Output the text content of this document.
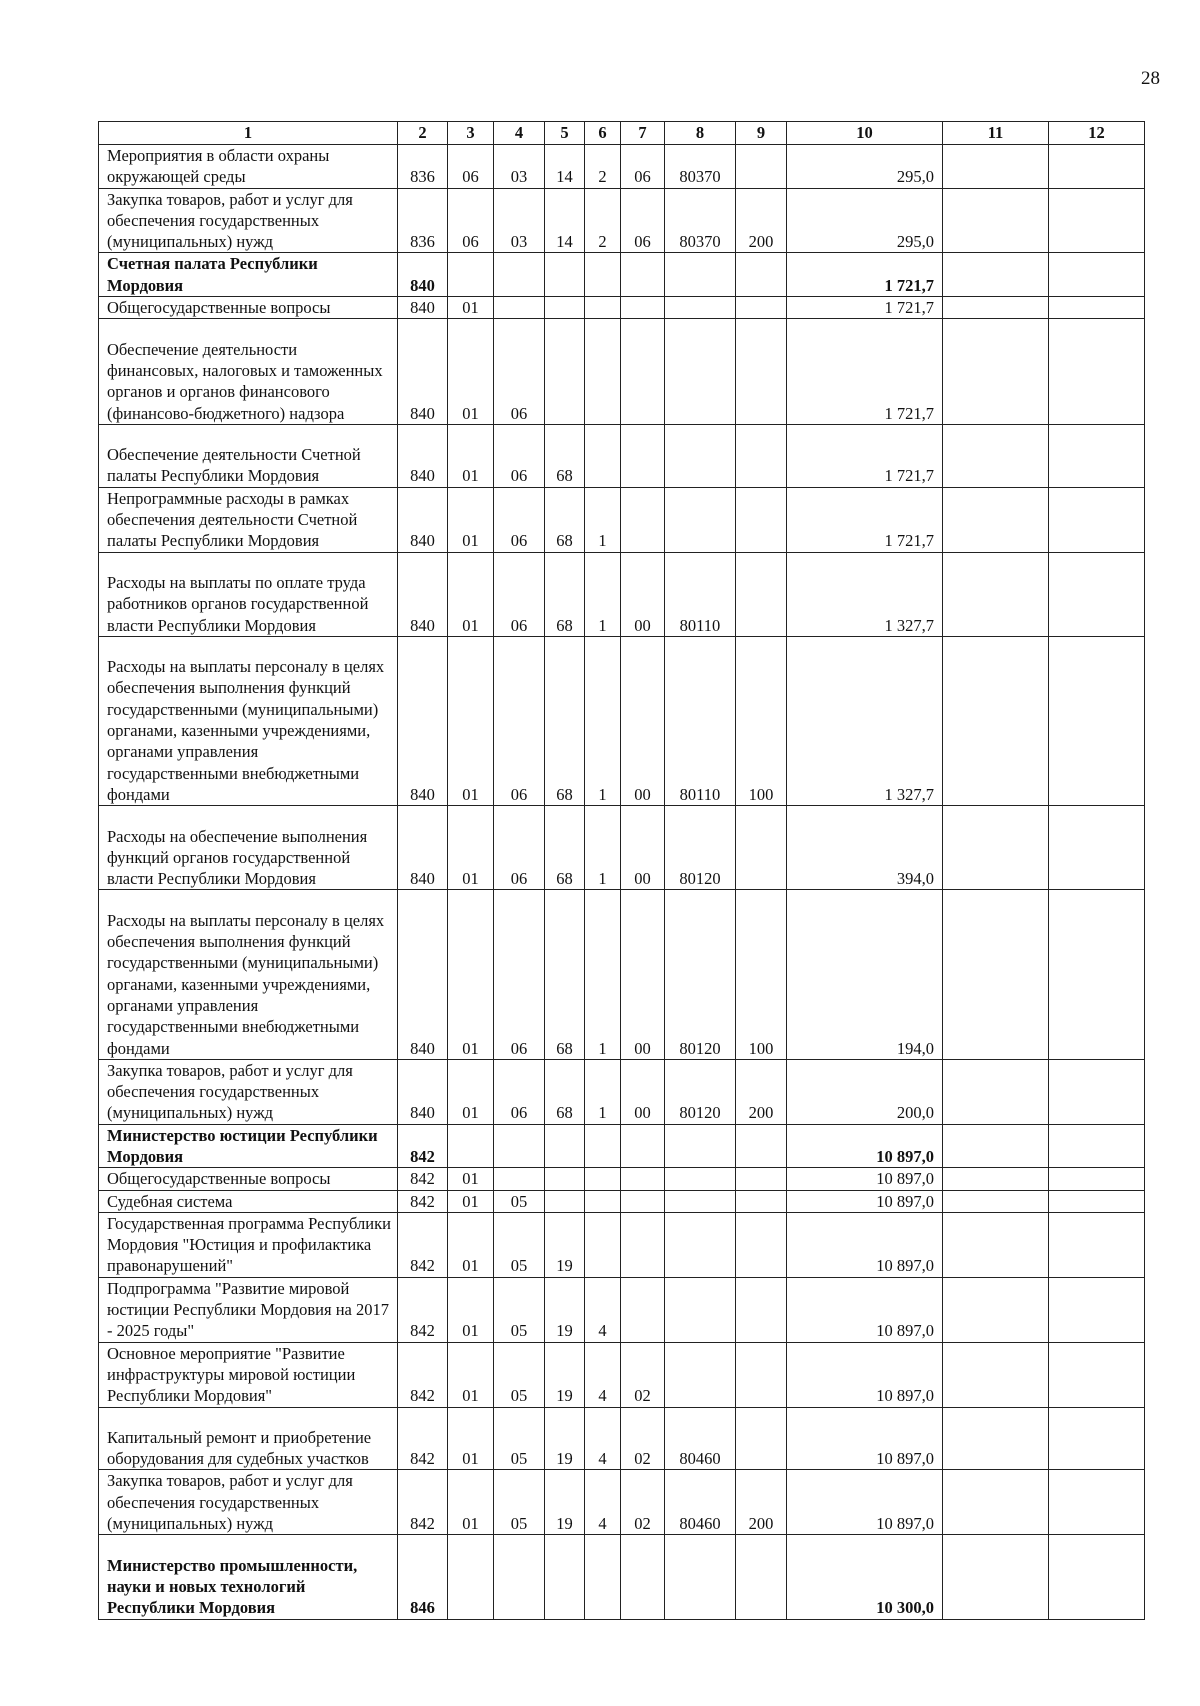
28
1	2	3	4	5	6	7	8	9	10	11	12
Мероприятия в области охраны окружающей среды	836	06	03	14	2	06	80370		295,0		
Закупка товаров, работ и услуг для обеспечения государственных (муниципальных) нужд	836	06	03	14	2	06	80370	200	295,0		
Счетная палата Республики Мордовия	840								1 721,7		
Общегосударственные вопросы	840	01							1 721,7		
Обеспечение деятельности финансовых, налоговых и таможенных органов и органов финансового (финансово-бюджетного) надзора	840	01	06						1 721,7		
Обеспечение деятельности Счетной палаты Республики Мордовия	840	01	06	68					1 721,7		
Непрограммные расходы в рамках обеспечения деятельности Счетной палаты Республики Мордовия	840	01	06	68	1				1 721,7		
Расходы на выплаты по оплате труда работников органов государственной власти Республики Мордовия	840	01	06	68	1	00	80110		1 327,7		
Расходы на выплаты персоналу в целях обеспечения выполнения функций государственными (муниципальными) органами, казенными учреждениями, органами управления государственными внебюджетными фондами	840	01	06	68	1	00	80110	100	1 327,7		
Расходы на обеспечение выполнения функций органов государственной власти Республики Мордовия	840	01	06	68	1	00	80120		394,0		
Расходы на выплаты персоналу в целях обеспечения выполнения функций государственными (муниципальными) органами, казенными учреждениями, органами управления государственными внебюджетными фондами	840	01	06	68	1	00	80120	100	194,0		
Закупка товаров, работ и услуг для обеспечения государственных (муниципальных) нужд	840	01	06	68	1	00	80120	200	200,0		
Министерство юстиции Республики Мордовия	842								10 897,0		
Общегосударственные вопросы	842	01							10 897,0		
Судебная система	842	01	05						10 897,0		
Государственная программа Республики Мордовия "Юстиция и профилактика правонарушений"	842	01	05	19					10 897,0		
Подпрограмма "Развитие мировой юстиции Республики Мордовия на 2017 - 2025 годы"	842	01	05	19	4				10 897,0		
Основное мероприятие "Развитие инфраструктуры мировой юстиции Республики Мордовия"	842	01	05	19	4	02			10 897,0		
Капитальный ремонт и приобретение оборудования для судебных участков	842	01	05	19	4	02	80460		10 897,0		
Закупка товаров, работ и услуг для обеспечения государственных (муниципальных) нужд	842	01	05	19	4	02	80460	200	10 897,0		
Министерство промышленности, науки и новых технологий Республики Мордовия	846								10 300,0		
